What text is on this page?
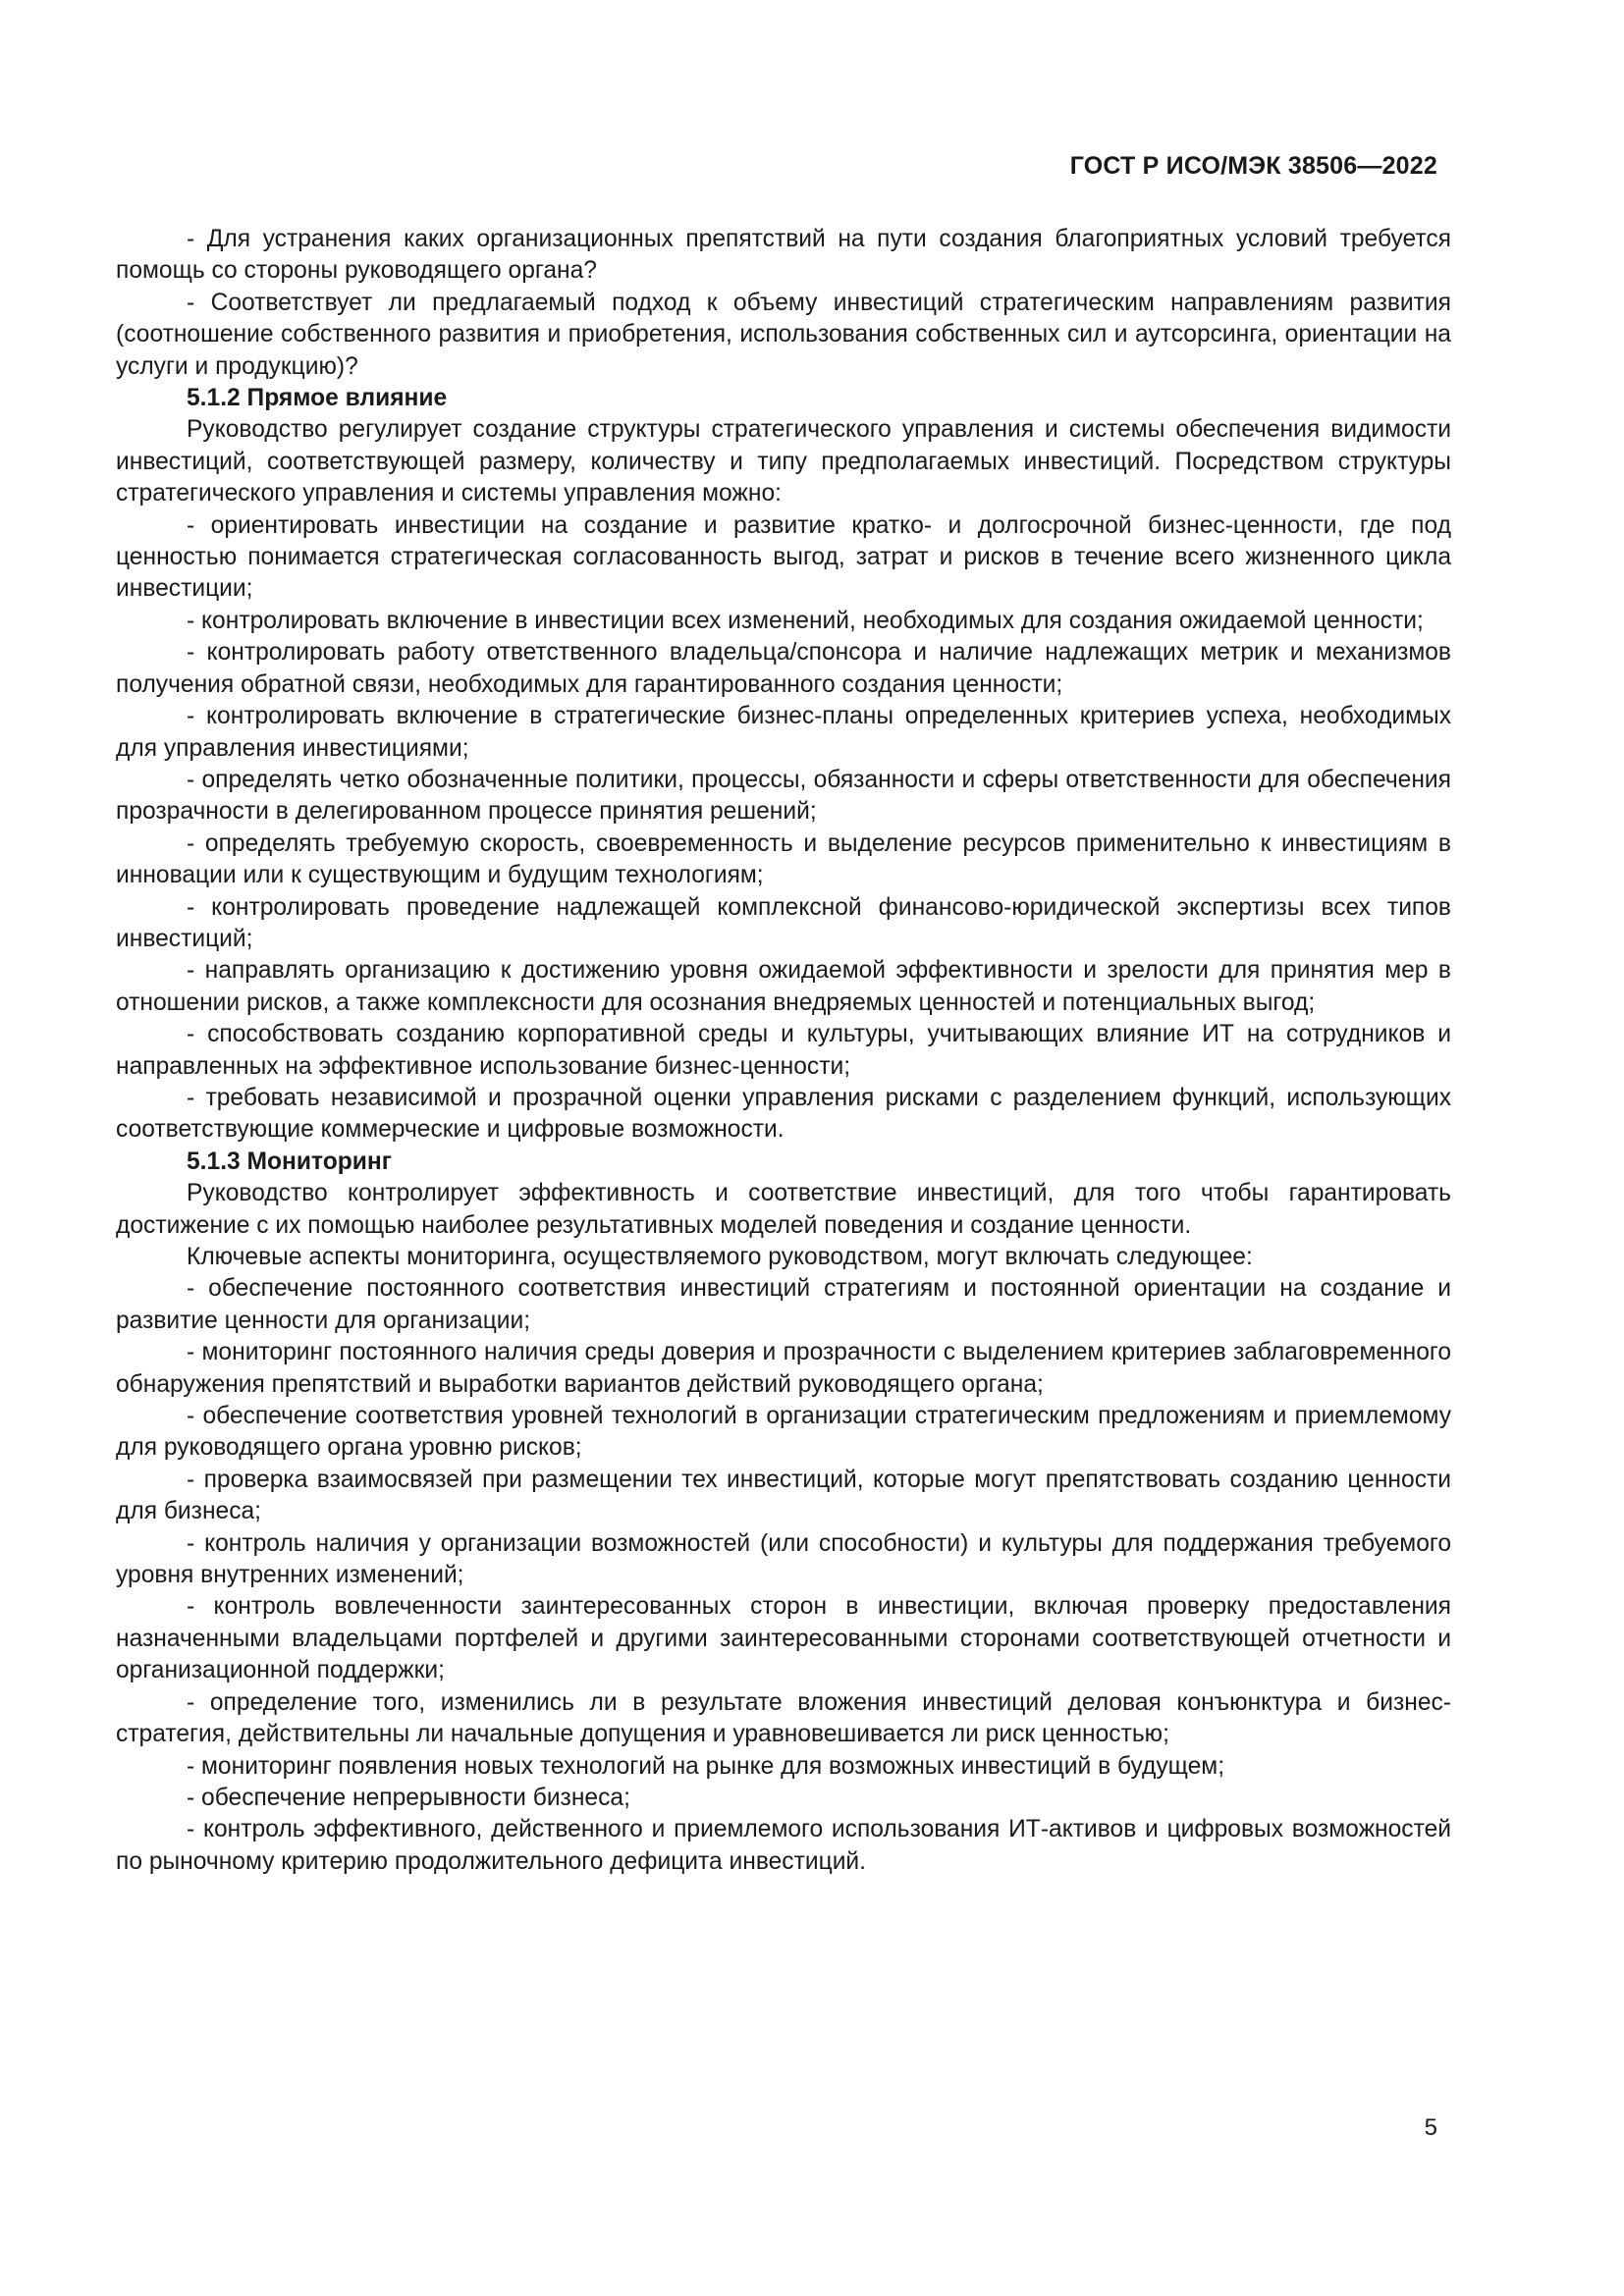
ГОСТ Р ИСО/МЭК 38506—2022

- Для устранения каких организационных препятствий на пути создания благоприятных условий требуется помощь со стороны руководящего органа?

- Соответствует ли предлагаемый подход к объему инвестиций стратегическим направлениям развития (соотношение собственного развития и приобретения, использования собственных сил и аутсорсинга, ориентации на услуги и продукцию)?

5.1.2 Прямое влияние

Руководство регулирует создание структуры стратегического управления и системы обеспечения видимости инвестиций, соответствующей размеру, количеству и типу предполагаемых инвестиций. Посредством структуры стратегического управления и системы управления можно:

- ориентировать инвестиции на создание и развитие кратко- и долгосрочной бизнес-ценности, где под ценностью понимается стратегическая согласованность выгод, затрат и рисков в течение всего жизненного цикла инвестиции;

- контролировать включение в инвестиции всех изменений, необходимых для создания ожидаемой ценности;

- контролировать работу ответственного владельца/спонсора и наличие надлежащих метрик и механизмов получения обратной связи, необходимых для гарантированного создания ценности;

- контролировать включение в стратегические бизнес-планы определенных критериев успеха, необходимых для управления инвестициями;

- определять четко обозначенные политики, процессы, обязанности и сферы ответственности для обеспечения прозрачности в делегированном процессе принятия решений;

- определять требуемую скорость, своевременность и выделение ресурсов применительно к инвестициям в инновации или к существующим и будущим технологиям;

- контролировать проведение надлежащей комплексной финансово-юридической экспертизы всех типов инвестиций;

- направлять организацию к достижению уровня ожидаемой эффективности и зрелости для принятия мер в отношении рисков, а также комплексности для осознания внедряемых ценностей и потенциальных выгод;

- способствовать созданию корпоративной среды и культуры, учитывающих влияние ИТ на сотрудников и направленных на эффективное использование бизнес-ценности;

- требовать независимой и прозрачной оценки управления рисками с разделением функций, использующих соответствующие коммерческие и цифровые возможности.

5.1.3 Мониторинг

Руководство контролирует эффективность и соответствие инвестиций, для того чтобы гарантировать достижение с их помощью наиболее результативных моделей поведения и создание ценности.

Ключевые аспекты мониторинга, осуществляемого руководством, могут включать следующее:

- обеспечение постоянного соответствия инвестиций стратегиям и постоянной ориентации на создание и развитие ценности для организации;

- мониторинг постоянного наличия среды доверия и прозрачности с выделением критериев заблаговременного обнаружения препятствий и выработки вариантов действий руководящего органа;

- обеспечение соответствия уровней технологий в организации стратегическим предложениям и приемлемому для руководящего органа уровню рисков;

- проверка взаимосвязей при размещении тех инвестиций, которые могут препятствовать созданию ценности для бизнеса;

- контроль наличия у организации возможностей (или способности) и культуры для поддержания требуемого уровня внутренних изменений;

- контроль вовлеченности заинтересованных сторон в инвестиции, включая проверку предоставления назначенными владельцами портфелей и другими заинтересованными сторонами соответствующей отчетности и организационной поддержки;

- определение того, изменились ли в результате вложения инвестиций деловая конъюнктура и бизнес-стратегия, действительны ли начальные допущения и уравновешивается ли риск ценностью;

- мониторинг появления новых технологий на рынке для возможных инвестиций в будущем;

- обеспечение непрерывности бизнеса;

- контроль эффективного, действенного и приемлемого использования ИТ-активов и цифровых возможностей по рыночному критерию продолжительного дефицита инвестиций.

5
